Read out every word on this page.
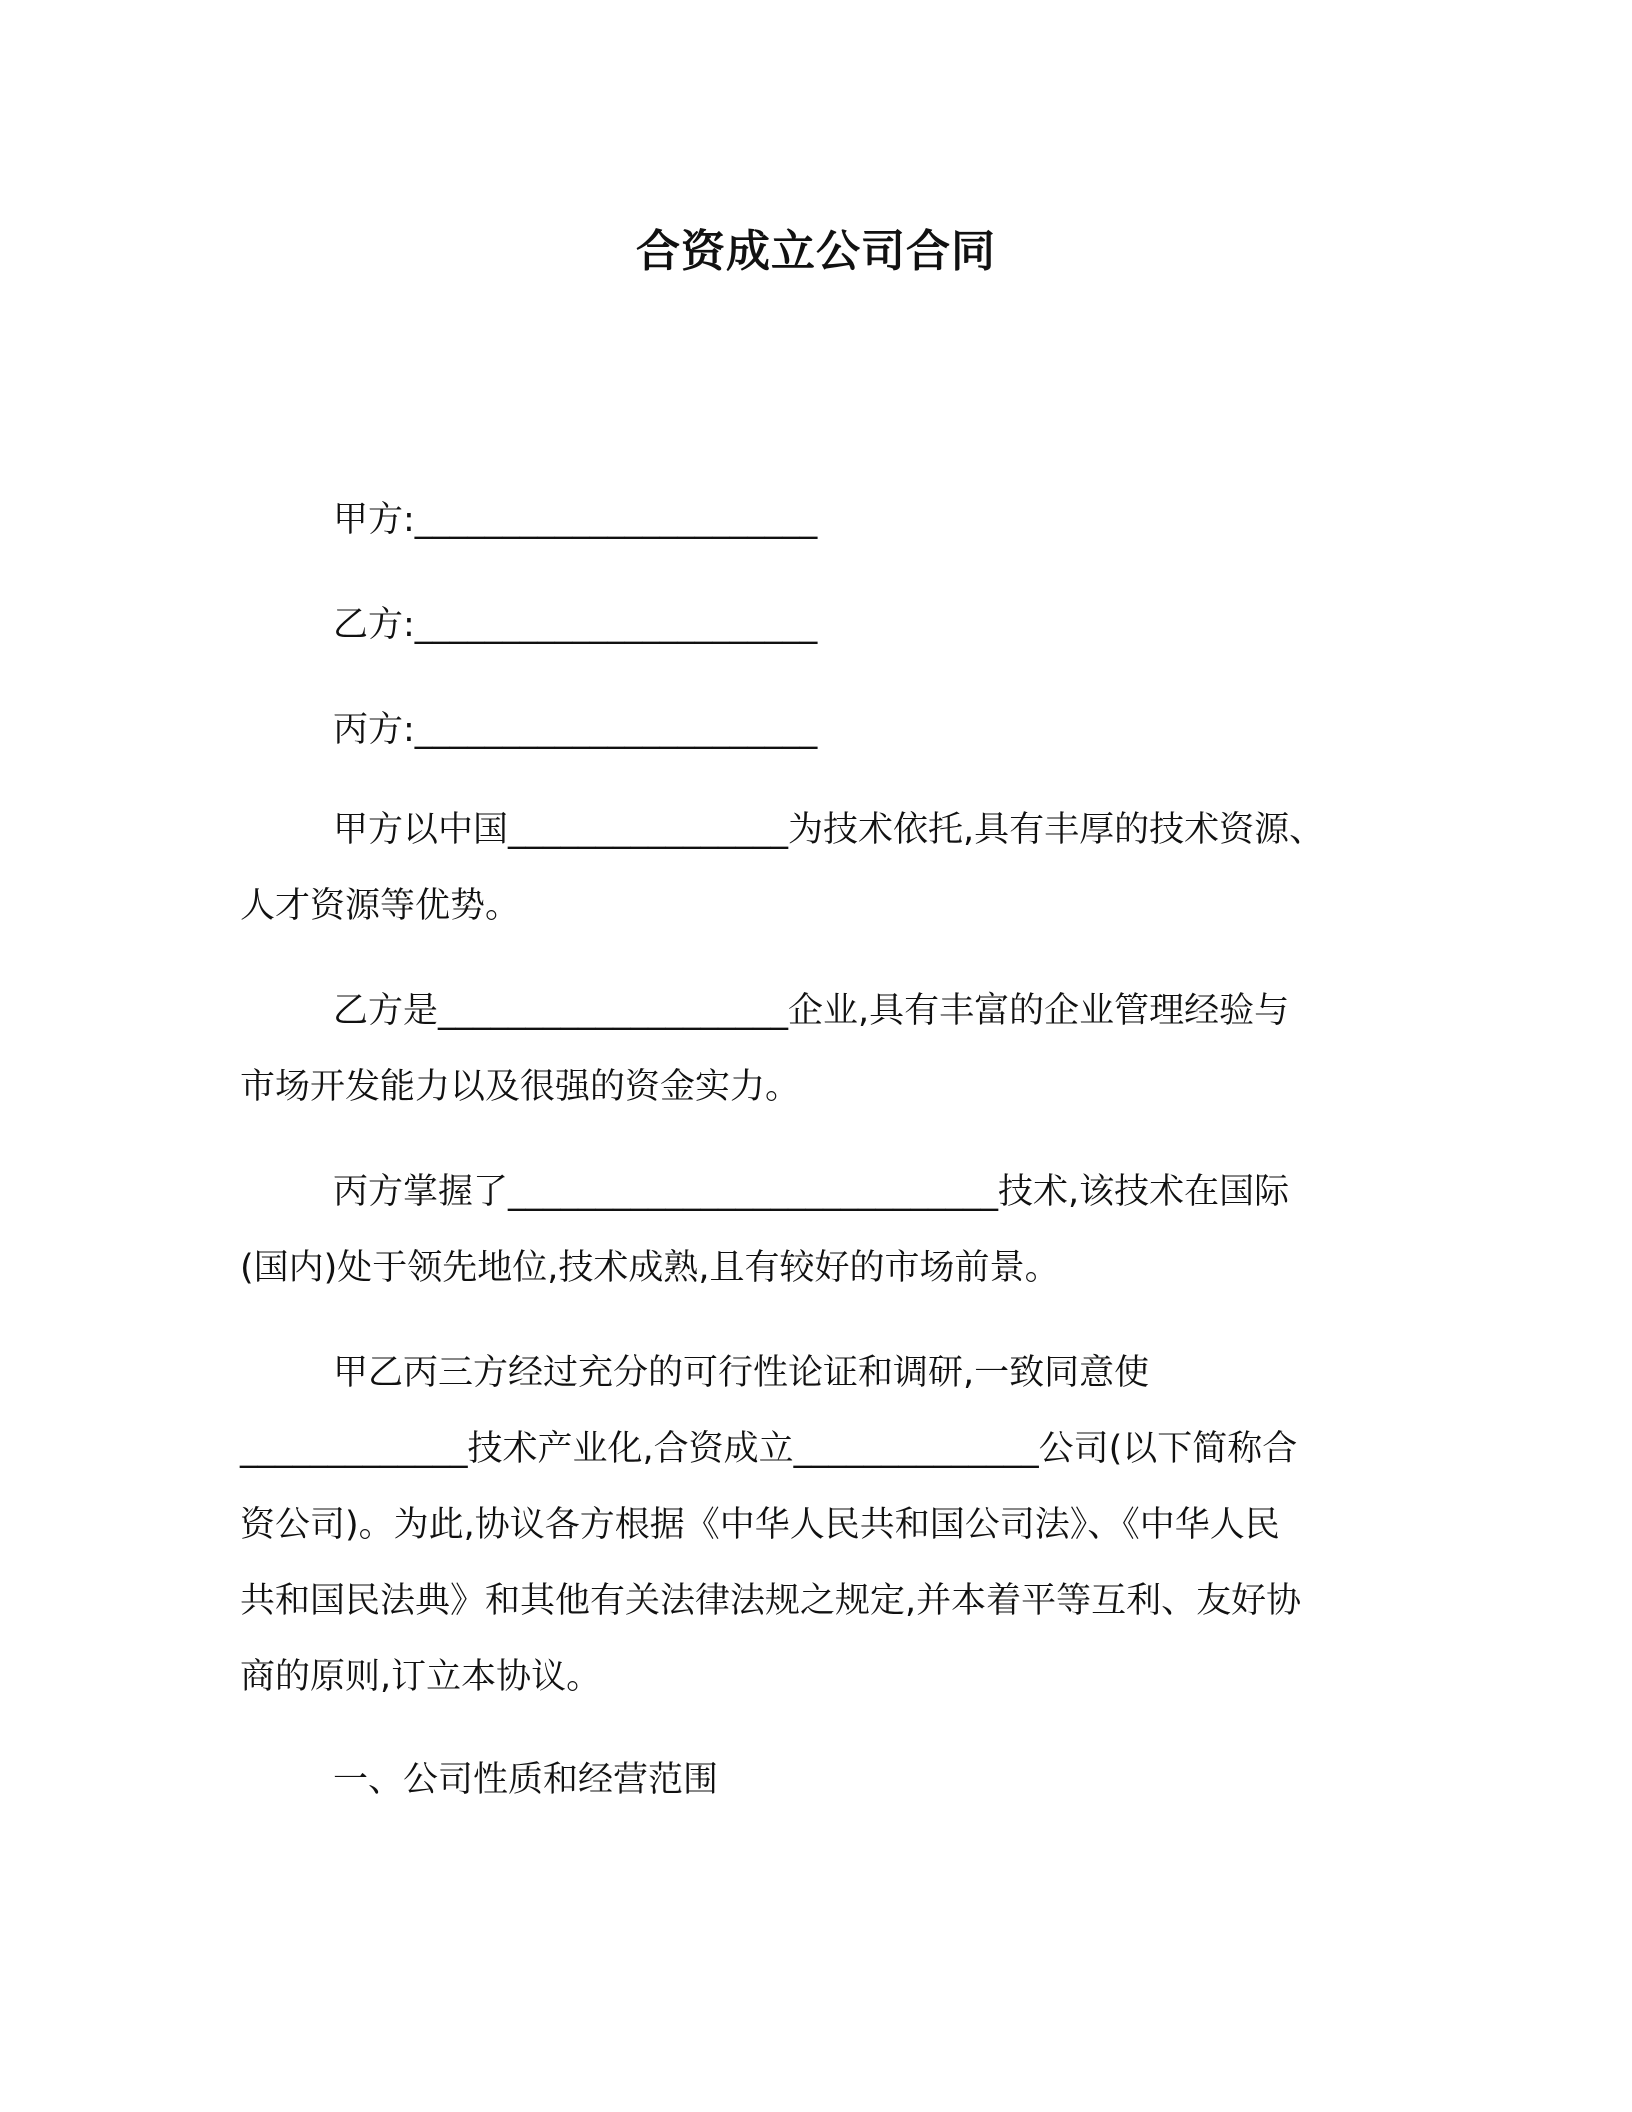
合资成立公司合同
甲方:_______________________
乙方:_______________________
丙方:_______________________
甲方以中国________________为技术依托,具有丰厚的技术资源、
人才资源等优势。
乙方是____________________企业,具有丰富的企业管理经验与
市场开发能力以及很强的资金实力。
丙方掌握了____________________________技术,该技术在国际
(国内)处于领先地位,技术成熟,且有较好的市场前景。
甲乙丙三方经过充分的可行性论证和调研,一致同意使
_____________技术产业化,合资成立______________公司(以下简称合
资公司)。为此,协议各方根据《中华人民共和国公司法》、《中华人民
共和国民法典》和其他有关法律法规之规定,并本着平等互利、友好协
商的原则,订立本协议。
一、公司性质和经营范围
